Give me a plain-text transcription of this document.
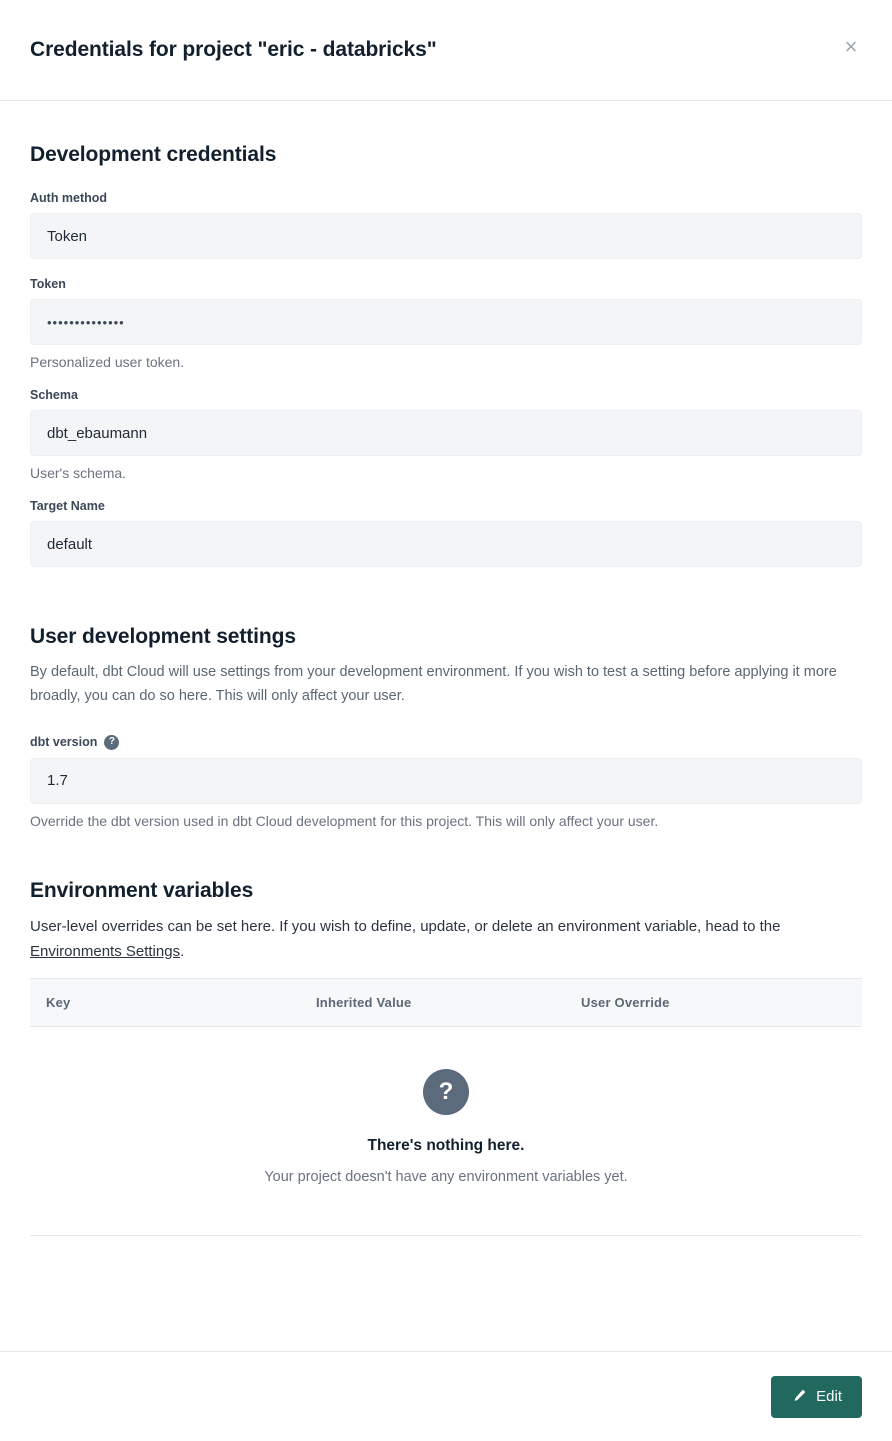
Credentials for project "eric - databricks"	×
Development credentials
Auth method
Token
Token
••••••••••••••
Personalized user token.
Schema
dbt_ebaumann
User's schema.
Target Name
default
User development settings

By default, dbt Cloud will use settings from your development environment. If you wish to test a setting before applying it more broadly, you can do so here. This will only affect your user.

dbt version	?
1.7
Override the dbt version used in dbt Cloud development for this project. This will only affect your user.
Environment variables

User-level overrides can be set here. If you wish to define, update, or delete an environment variable, head to the Environments Settings.

Key	Inherited Value	User Override
?
There's nothing here.
Your project doesn't have any environment variables yet.
Edit
